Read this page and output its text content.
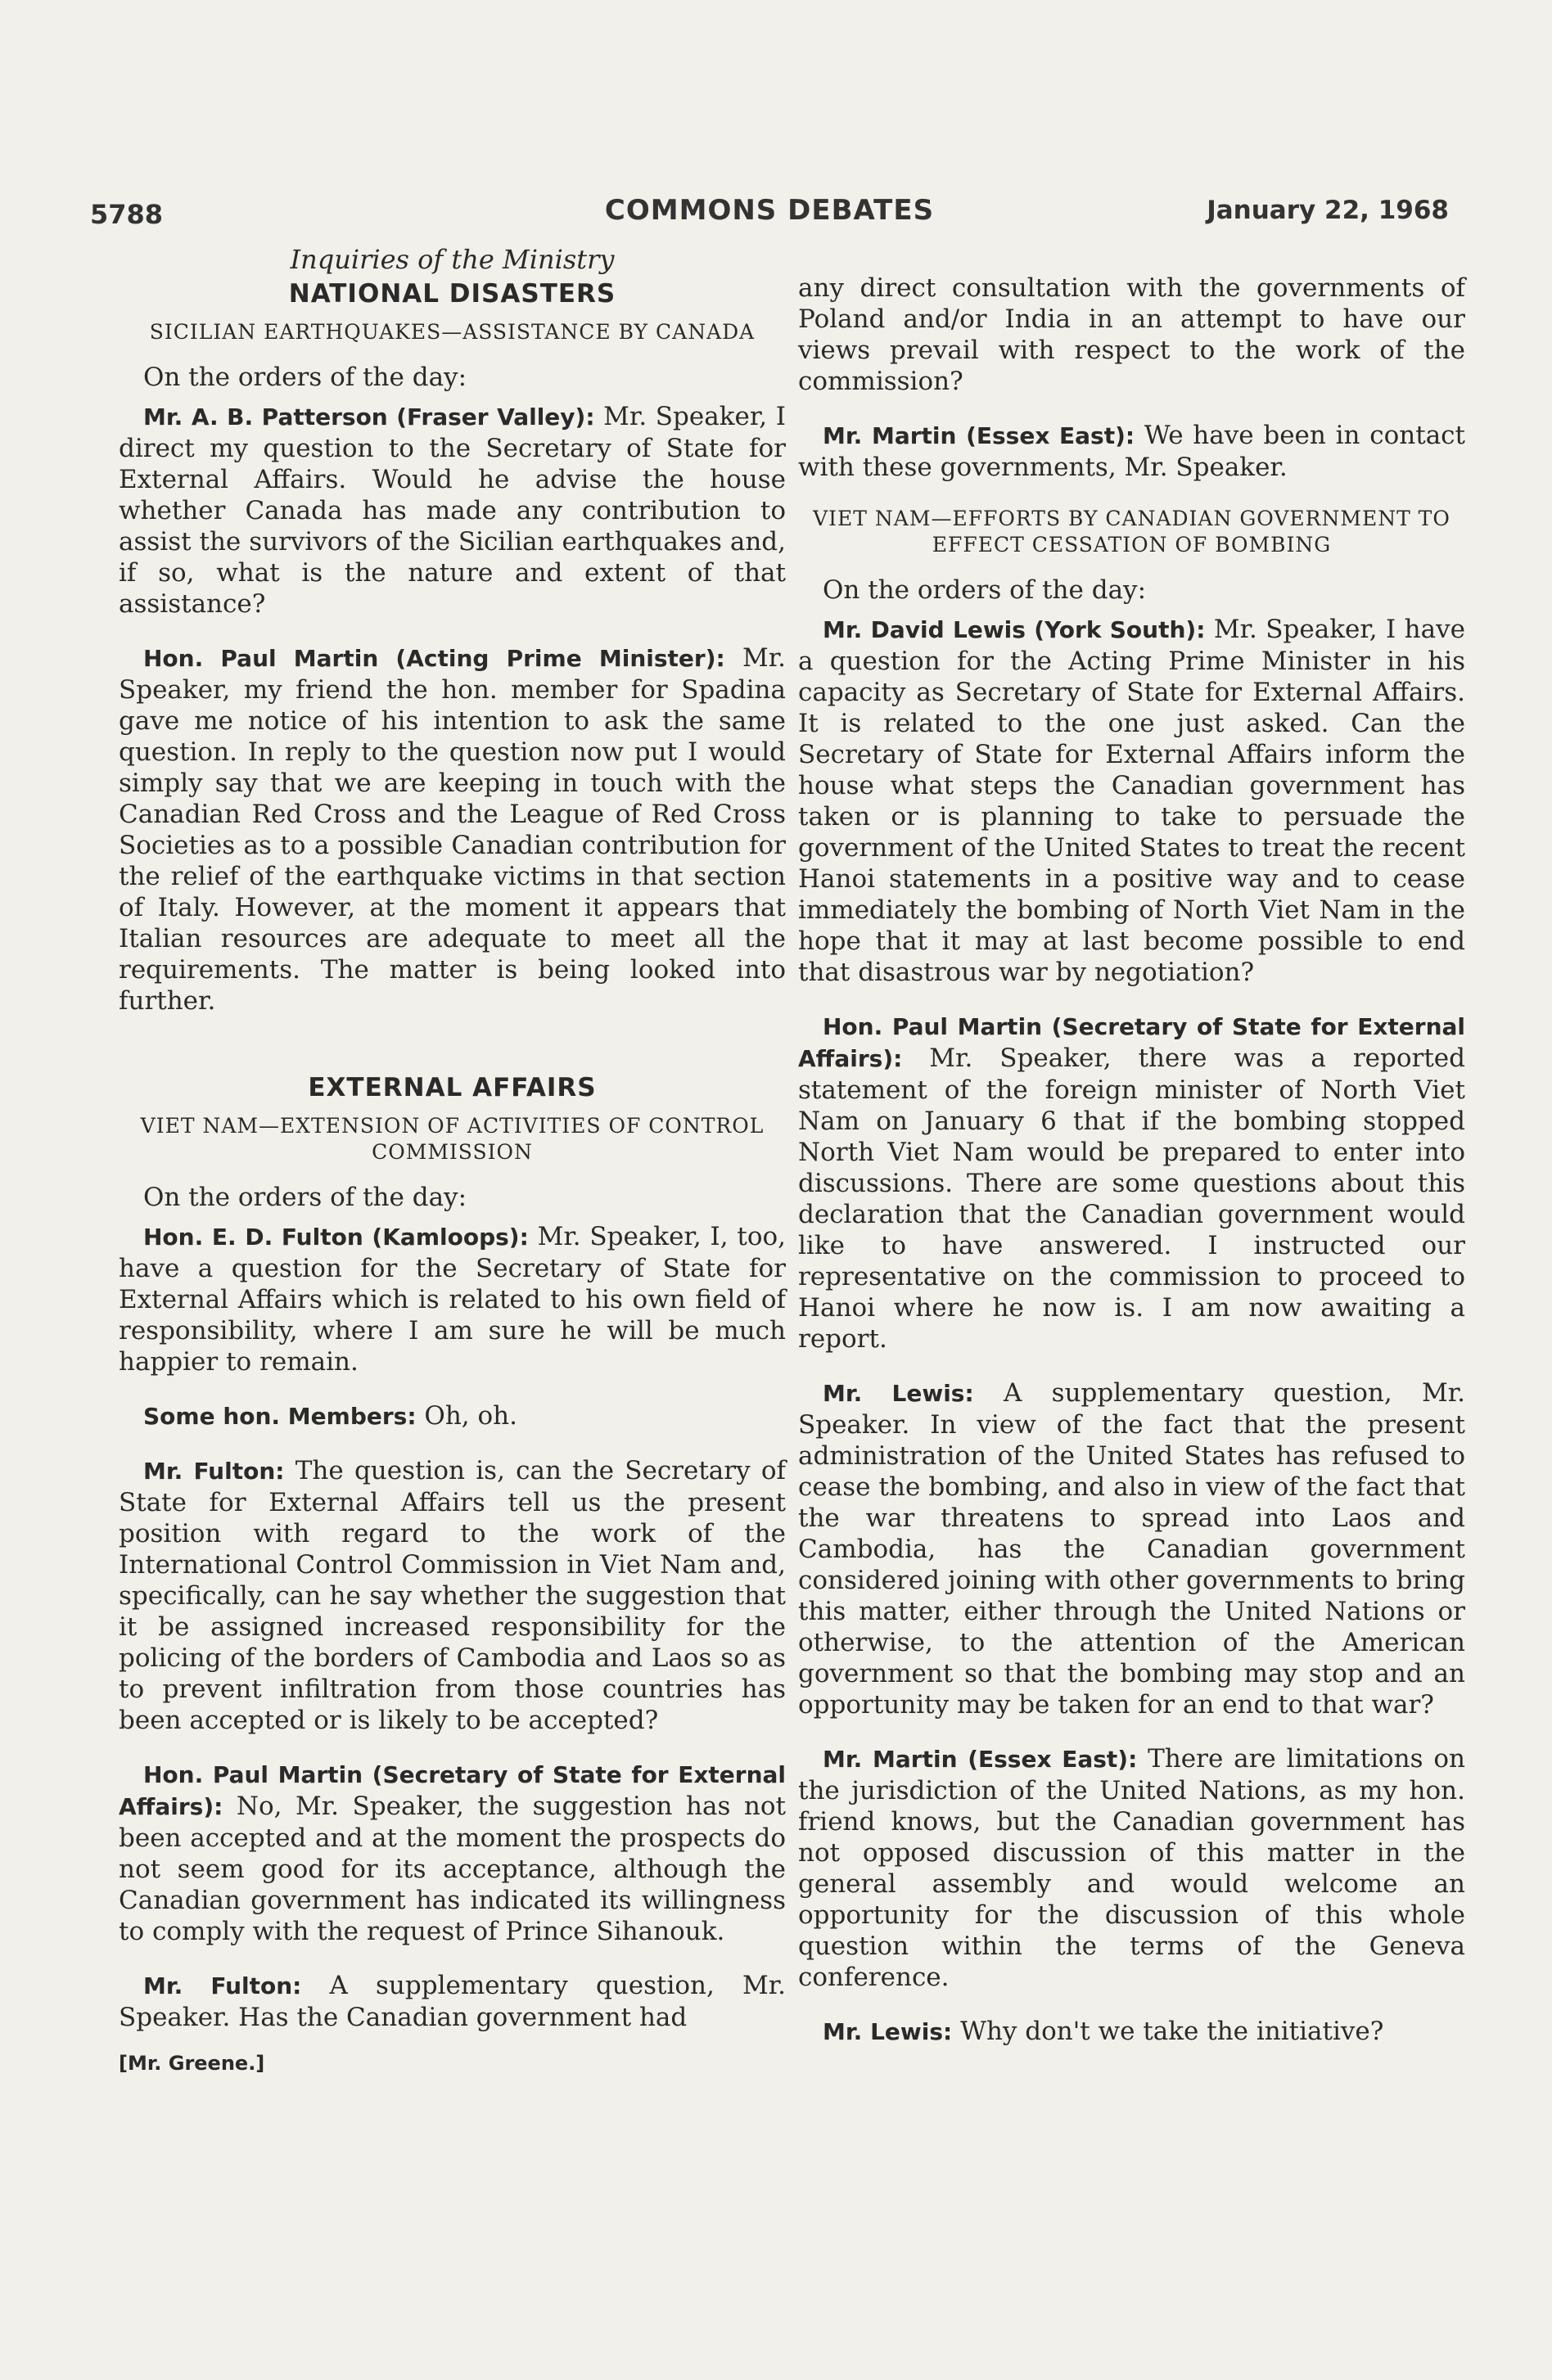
5788	COMMONS DEBATES	January 22, 1968
Inquiries of the Ministry
NATIONAL DISASTERS
SICILIAN EARTHQUAKES—ASSISTANCE BY CANADA

On the orders of the day:

Mr. A. B. Patterson (Fraser Valley): Mr. Speaker, I direct my question to the Secretary of State for External Affairs. Would he advise the house whether Canada has made any contribution to assist the survivors of the Sicilian earthquakes and, if so, what is the nature and extent of that assistance?

Hon. Paul Martin (Acting Prime Minister): Mr. Speaker, my friend the hon. member for Spadina gave me notice of his intention to ask the same question. In reply to the question now put I would simply say that we are keeping in touch with the Canadian Red Cross and the League of Red Cross Societies as to a possible Canadian contribution for the relief of the earthquake victims in that section of Italy. However, at the moment it appears that Italian resources are adequate to meet all the requirements. The matter is being looked into further.

EXTERNAL AFFAIRS
VIET NAM—EXTENSION OF ACTIVITIES OF CONTROL COMMISSION

On the orders of the day:

Hon. E. D. Fulton (Kamloops): Mr. Speaker, I, too, have a question for the Secretary of State for External Affairs which is related to his own field of responsibility, where I am sure he will be much happier to remain.

Some hon. Members: Oh, oh.

Mr. Fulton: The question is, can the Secretary of State for External Affairs tell us the present position with regard to the work of the International Control Commission in Viet Nam and, specifically, can he say whether the suggestion that it be assigned increased responsibility for the policing of the borders of Cambodia and Laos so as to prevent infiltration from those countries has been accepted or is likely to be accepted?

Hon. Paul Martin (Secretary of State for External Affairs): No, Mr. Speaker, the suggestion has not been accepted and at the moment the prospects do not seem good for its acceptance, although the Canadian government has indicated its willingness to comply with the request of Prince Sihanouk.

Mr. Fulton: A supplementary question, Mr. Speaker. Has the Canadian government had

[Mr. Greene.]

any direct consultation with the governments of Poland and/or India in an attempt to have our views prevail with respect to the work of the commission?

Mr. Martin (Essex East): We have been in contact with these governments, Mr. Speaker.

VIET NAM—EFFORTS BY CANADIAN GOVERNMENT TO EFFECT CESSATION OF BOMBING

On the orders of the day:

Mr. David Lewis (York South): Mr. Speaker, I have a question for the Acting Prime Minister in his capacity as Secretary of State for External Affairs. It is related to the one just asked. Can the Secretary of State for External Affairs inform the house what steps the Canadian government has taken or is planning to take to persuade the government of the United States to treat the recent Hanoi statements in a positive way and to cease immediately the bombing of North Viet Nam in the hope that it may at last become possible to end that disastrous war by negotiation?

Hon. Paul Martin (Secretary of State for External Affairs): Mr. Speaker, there was a reported statement of the foreign minister of North Viet Nam on January 6 that if the bombing stopped North Viet Nam would be prepared to enter into discussions. There are some questions about this declaration that the Canadian government would like to have answered. I instructed our representative on the commission to proceed to Hanoi where he now is. I am now awaiting a report.

Mr. Lewis: A supplementary question, Mr. Speaker. In view of the fact that the present administration of the United States has refused to cease the bombing, and also in view of the fact that the war threatens to spread into Laos and Cambodia, has the Canadian government considered joining with other governments to bring this matter, either through the United Nations or otherwise, to the attention of the American government so that the bombing may stop and an opportunity may be taken for an end to that war?

Mr. Martin (Essex East): There are limitations on the jurisdiction of the United Nations, as my hon. friend knows, but the Canadian government has not opposed discussion of this matter in the general assembly and would welcome an opportunity for the discussion of this whole question within the terms of the Geneva conference.

Mr. Lewis: Why don't we take the initiative?
